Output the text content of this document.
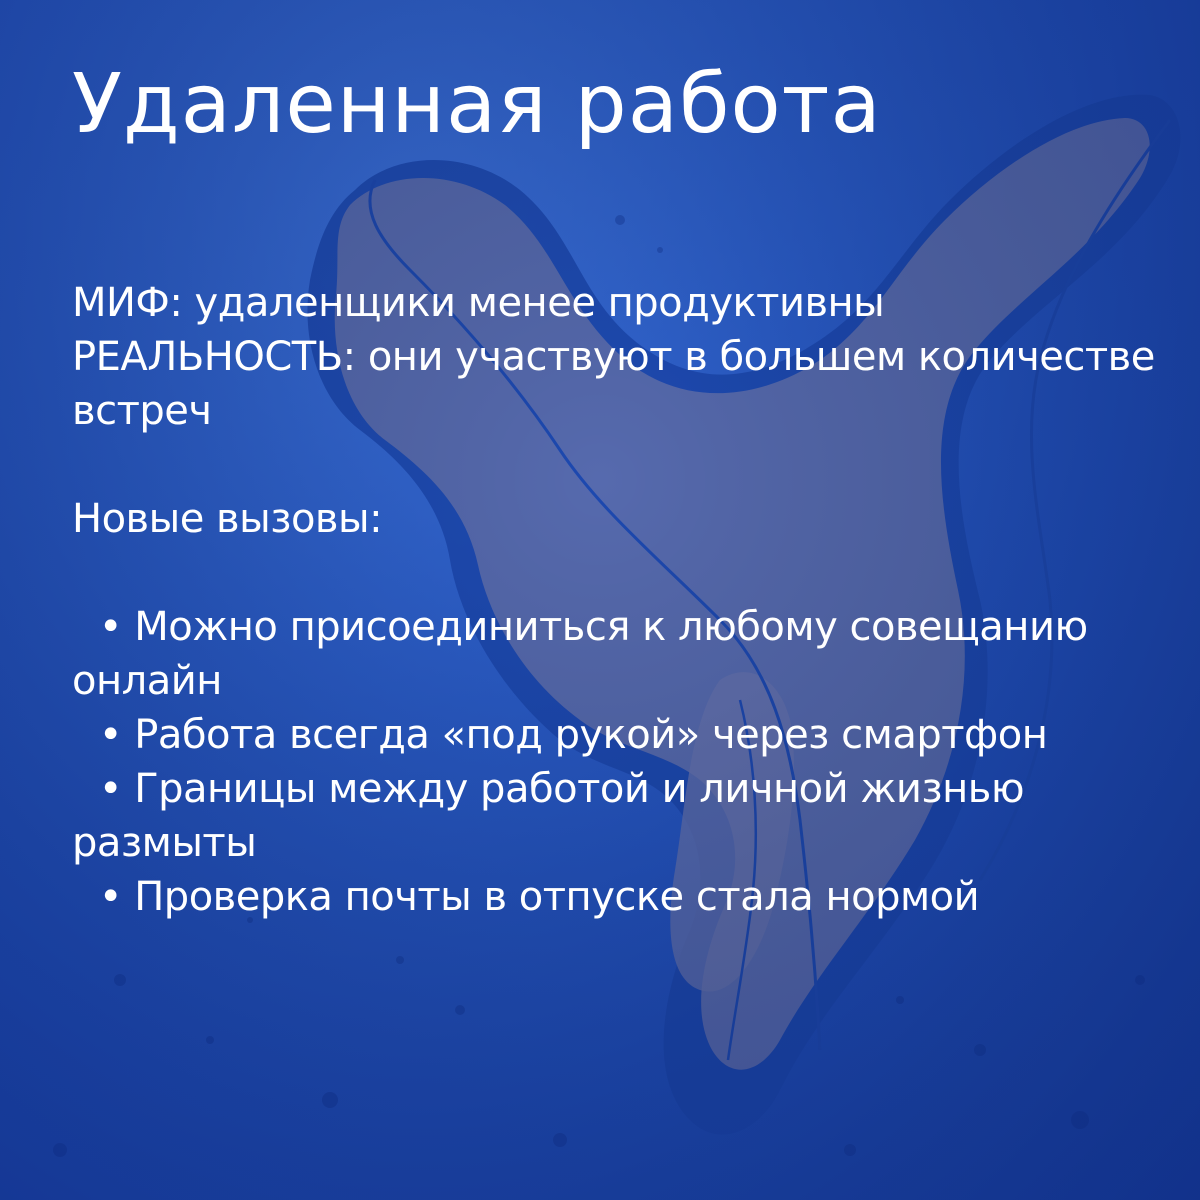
Удаленная работа
МИФ: удаленщики менее продуктивны
РЕАЛЬНОСТЬ: они участвуют в большем количестве встреч
Новые вызовы:
• Можно присоединиться к любому совещанию онлайн
• Работа всегда «под рукой» через смартфон
• Границы между работой и личной жизнью размыты
• Проверка почты в отпуске стала нормой
